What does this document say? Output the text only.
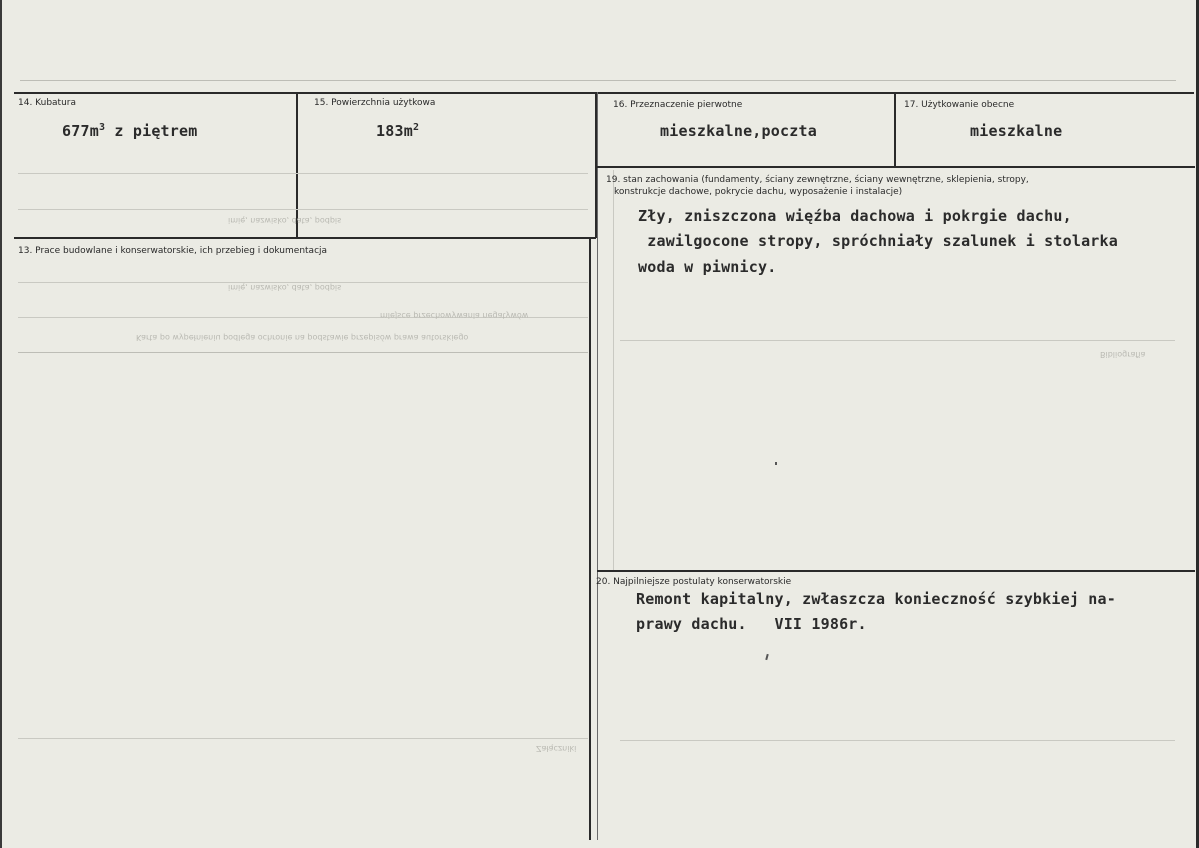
14. Kubatura
$677m^3$ z piętrem
15. Powierzchnia użytkowa
$183m^2$
16. Przeznaczenie pierwotne
mieszkalne,poczta
17. Użytkowanie obecne
mieszkalne
19. stan zachowania (fundamenty, ściany zewnętrzne, ściany wewnętrzne, sklepienia, stropy,
konstrukcje dachowe, pokrycie dachu, wyposażenie i instalacje)
Zły, zniszczona więźba dachowa i pokrgie dachu,
zawilgocone stropy, spróchniały szalunek i stolarka
woda w piwnicy.
13. Prace budowlane i konserwatorskie, ich przebieg i dokumentacja
20. Najpilniejsze postulaty konserwatorskie
Remont kapitalny, zwłaszcza konieczność szybkiej na-
prawy dachu.   VII 1986r.
imię, nazwisko, data, podpis
imię, nazwisko, data, podpis
miejsce przechowywania negatywów
Karta po wypełnieniu podlega ochronie na podstawie przepisów prawa autorskiego
Bibliografia
Załączniki
